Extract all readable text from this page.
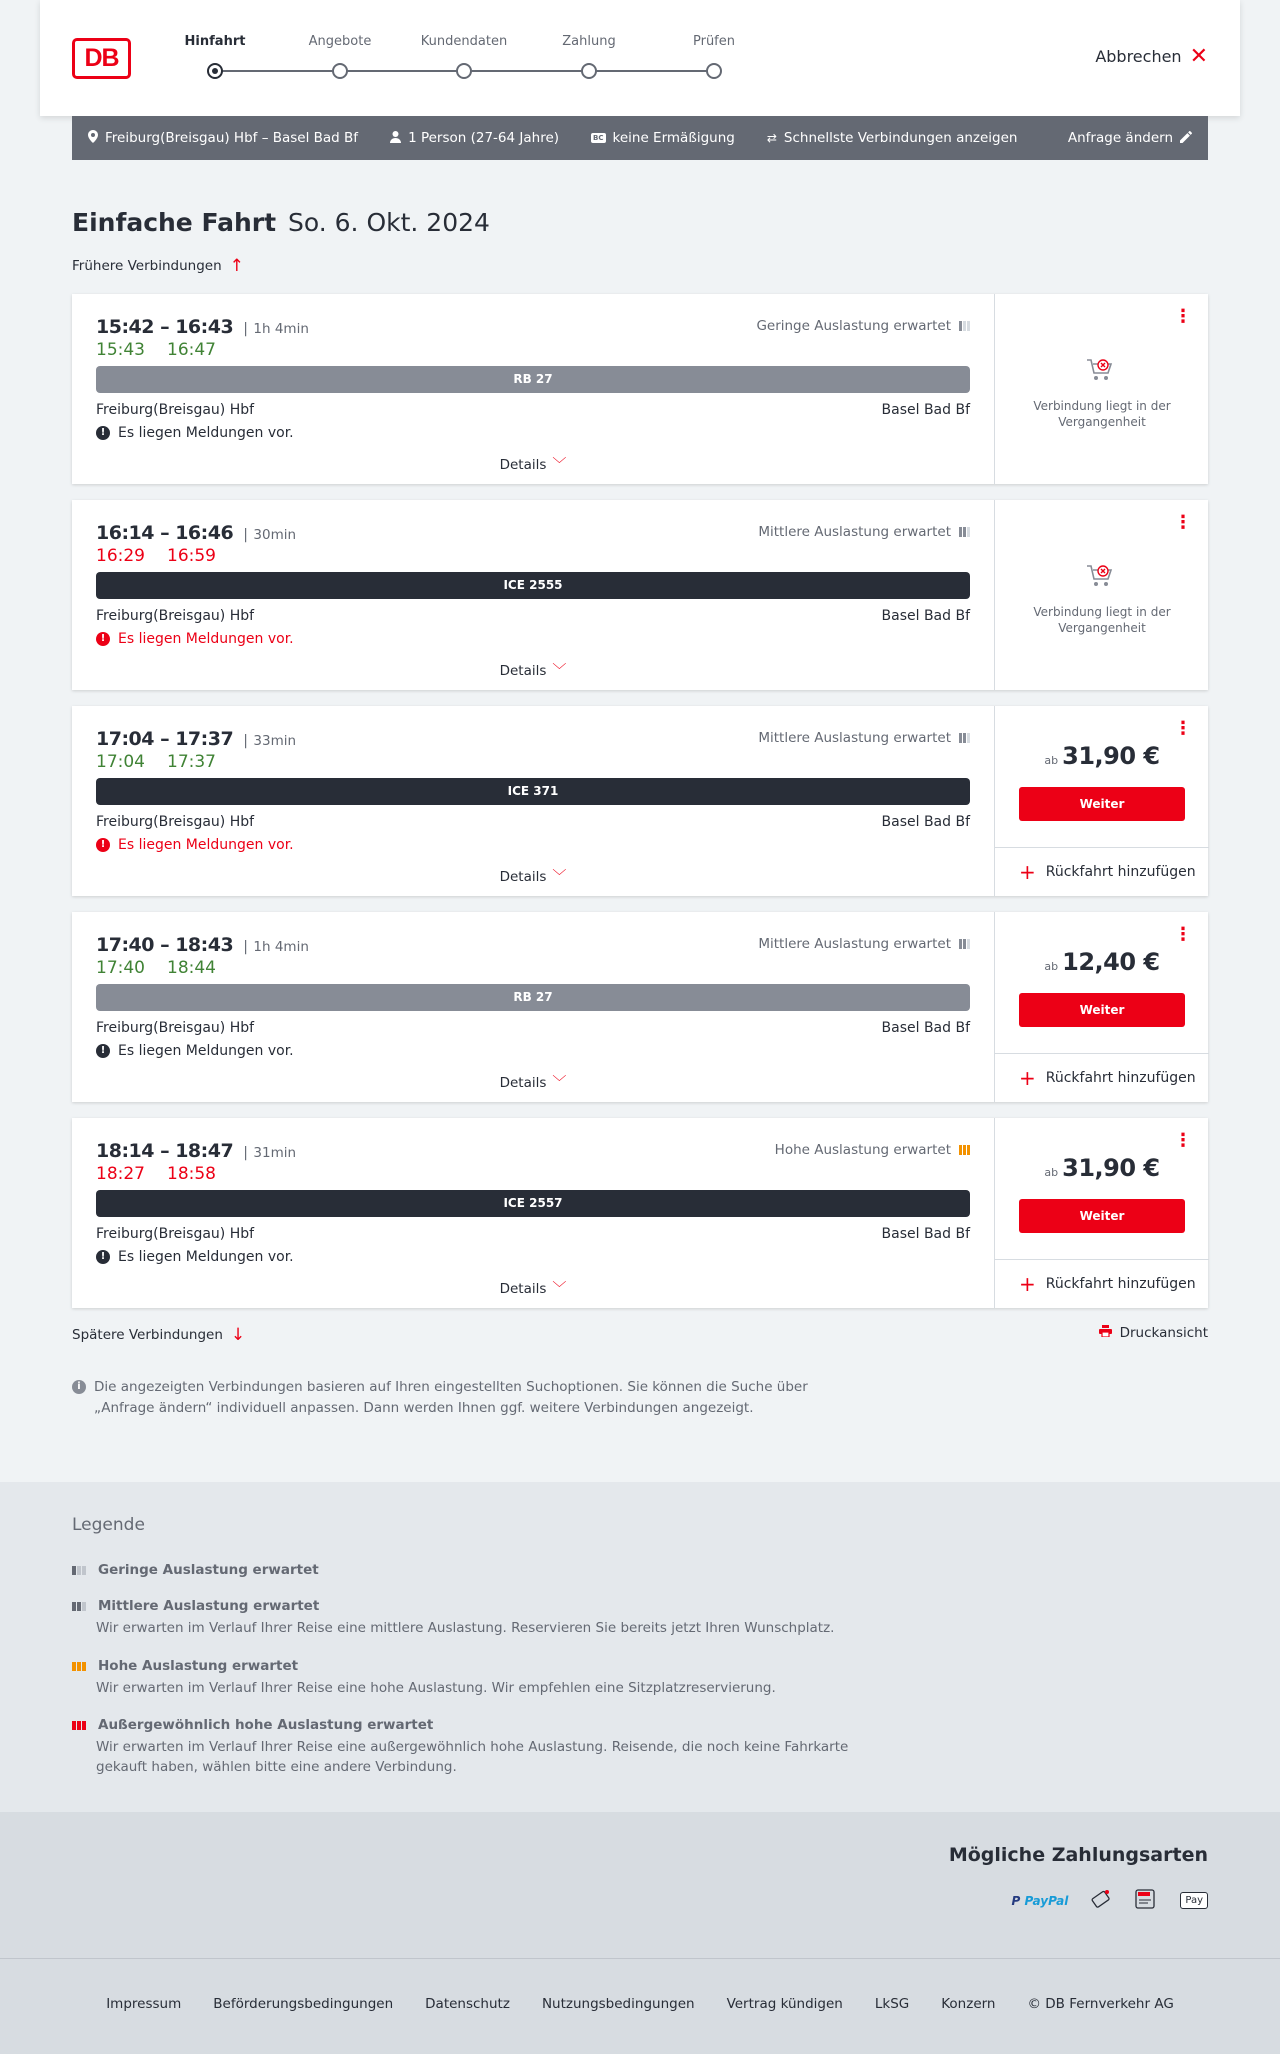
DB
Hinfahrt	Angebote	Kundendaten	Zahlung	Prüfen
Abbrechen ✕
Freiburg(Breisgau) Hbf – Basel Bad Bf	1 Person (27-64 Jahre)	BC keine Ermäßigung	⇄ Schnellste Verbindungen anzeigen	Anfrage ändern
Einfache Fahrt So. 6. Okt. 2024
Frühere Verbindungen ↑
15:42 – 16:43 | 1h 4min
15:43 16:47
Geringe Auslastung erwartet
RB 27
Freiburg(Breisgau) Hbf	Basel Bad Bf
! Es liegen Meldungen vor.
Details ﹀
⋮
Verbindung liegt in der Vergangenheit
16:14 – 16:46 | 30min
16:29 16:59
Mittlere Auslastung erwartet
ICE 2555
Freiburg(Breisgau) Hbf	Basel Bad Bf
! Es liegen Meldungen vor.
Details ﹀
⋮
Verbindung liegt in der Vergangenheit
17:04 – 17:37 | 33min
17:04 17:37
Mittlere Auslastung erwartet
ICE 371
Freiburg(Breisgau) Hbf	Basel Bad Bf
! Es liegen Meldungen vor.
Details ﹀
⋮
ab 31,90 €
Weiter
+ Rückfahrt hinzufügen
17:40 – 18:43 | 1h 4min
17:40 18:44
Mittlere Auslastung erwartet
RB 27
Freiburg(Breisgau) Hbf	Basel Bad Bf
! Es liegen Meldungen vor.
Details ﹀
⋮
ab 12,40 €
Weiter
+ Rückfahrt hinzufügen
18:14 – 18:47 | 31min
18:27 18:58
Hohe Auslastung erwartet
ICE 2557
Freiburg(Breisgau) Hbf	Basel Bad Bf
! Es liegen Meldungen vor.
Details ﹀
⋮
ab 31,90 €
Weiter
+ Rückfahrt hinzufügen
Spätere Verbindungen ↓	Druckansicht
i Die angezeigten Verbindungen basieren auf Ihren eingestellten Suchoptionen. Sie können die Suche über „Anfrage ändern“ individuell anpassen. Dann werden Ihnen ggf. weitere Verbindungen angezeigt.
Legende
Geringe Auslastung erwartet
Mittlere Auslastung erwartet
Wir erwarten im Verlauf Ihrer Reise eine mittlere Auslastung. Reservieren Sie bereits jetzt Ihren Wunschplatz.
Hohe Auslastung erwartet
Wir erwarten im Verlauf Ihrer Reise eine hohe Auslastung. Wir empfehlen eine Sitzplatzreservierung.
Außergewöhnlich hohe Auslastung erwartet
Wir erwarten im Verlauf Ihrer Reise eine außergewöhnlich hohe Auslastung. Reisende, die noch keine Fahrkarte gekauft haben, wählen bitte eine andere Verbindung.
Mögliche Zahlungsarten
P PayPal	Pay
Impressum Beförderungsbedingungen Datenschutz Nutzungsbedingungen Vertrag kündigen LkSG Konzern © DB Fernverkehr AG
